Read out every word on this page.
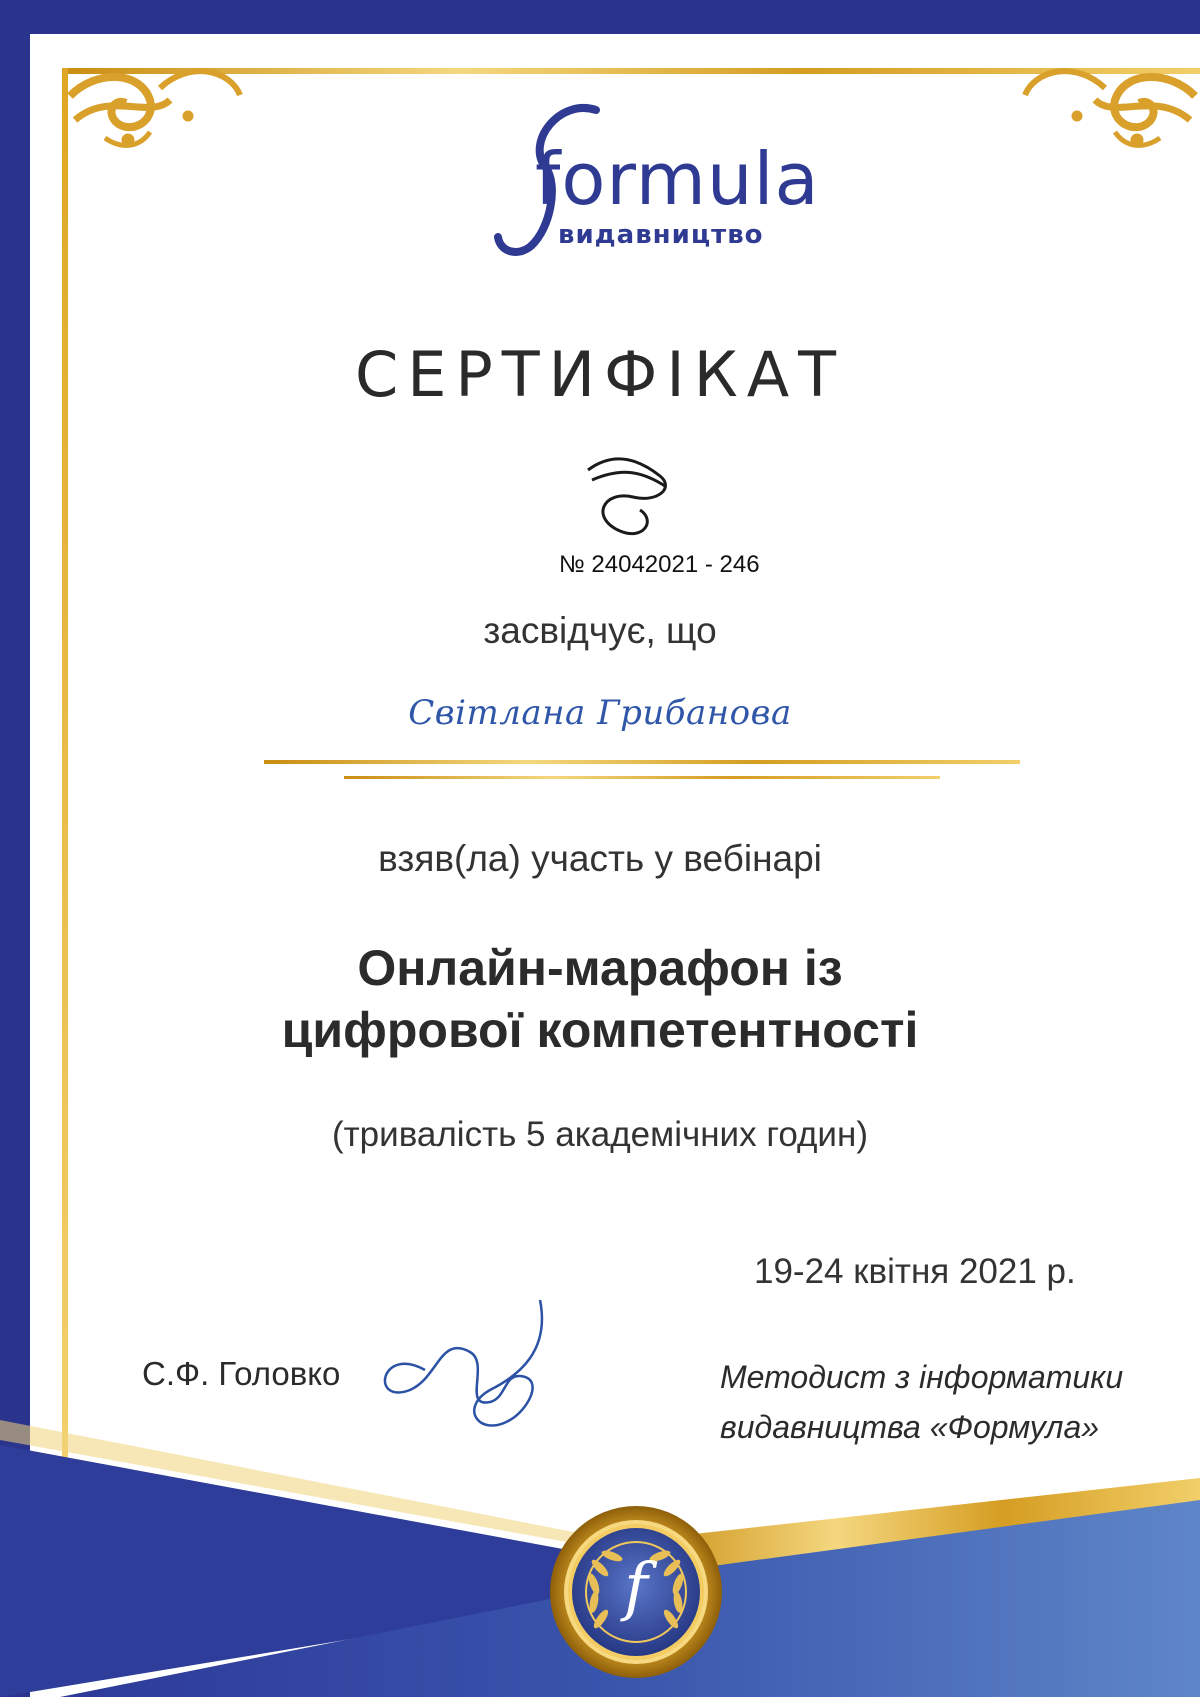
f
formula
видавництво
СЕРТИФІКАТ
№ 24042021 - 246
засвідчує, що
Світлана Грибанова
взяв(ла) участь у вебінарі
Онлайн-марафон із
цифрової компетентності
(тривалість 5 академічних годин)
19-24 квітня 2021 р.
С.Ф. Головко	Методист з інформатики
видавництва «Формула»
